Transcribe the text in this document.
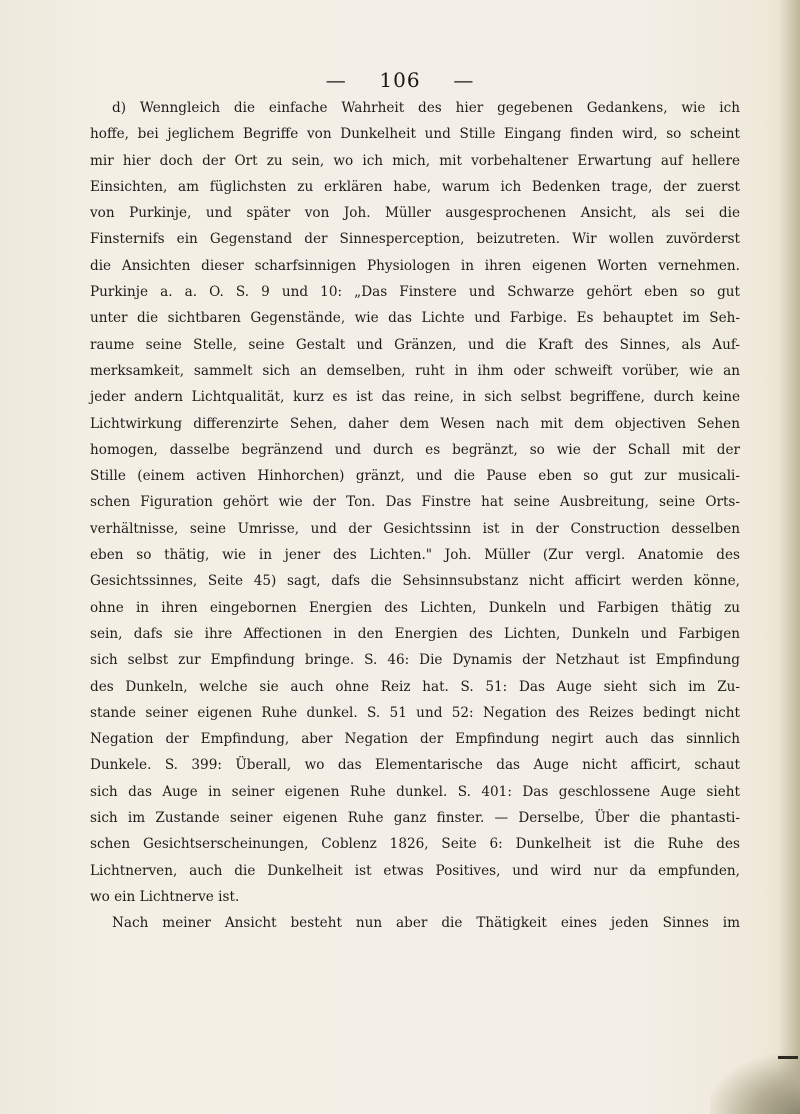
— 106 —
d) Wenngleich die einfache Wahrheit des hier gegebenen Gedankens, wie ich
hoffe, bei jeglichem Begriffe von Dunkelheit und Stille Eingang finden wird, so scheint
mir hier doch der Ort zu sein, wo ich mich, mit vorbehaltener Erwartung auf hellere
Einsichten, am füglichsten zu erklären habe, warum ich Bedenken trage, der zuerst
von Purkinje, und später von Joh. Müller ausgesprochenen Ansicht, als sei die
Finsternifs ein Gegenstand der Sinnesperception, beizutreten. Wir wollen zuvörderst
die Ansichten dieser scharfsinnigen Physiologen in ihren eigenen Worten vernehmen.
Purkinje a. a. O. S. 9 und 10: „Das Finstere und Schwarze gehört eben so gut
unter die sichtbaren Gegenstände, wie das Lichte und Farbige. Es behauptet im Seh-
raume seine Stelle, seine Gestalt und Gränzen, und die Kraft des Sinnes, als Auf-
merksamkeit, sammelt sich an demselben, ruht in ihm oder schweift vorüber, wie an
jeder andern Lichtqualität, kurz es ist das reine, in sich selbst begriffene, durch keine
Lichtwirkung differenzirte Sehen, daher dem Wesen nach mit dem objectiven Sehen
homogen, dasselbe begränzend und durch es begränzt, so wie der Schall mit der
Stille (einem activen Hinhorchen) gränzt, und die Pause eben so gut zur musicali-
schen Figuration gehört wie der Ton. Das Finstre hat seine Ausbreitung, seine Orts-
verhältnisse, seine Umrisse, und der Gesichtssinn ist in der Construction desselben
eben so thätig, wie in jener des Lichten." Joh. Müller (Zur vergl. Anatomie des
Gesichtssinnes, Seite 45) sagt, dafs die Sehsinnsubstanz nicht afficirt werden könne,
ohne in ihren eingebornen Energien des Lichten, Dunkeln und Farbigen thätig zu
sein, dafs sie ihre Affectionen in den Energien des Lichten, Dunkeln und Farbigen
sich selbst zur Empfindung bringe. S. 46: Die Dynamis der Netzhaut ist Empfindung
des Dunkeln, welche sie auch ohne Reiz hat. S. 51: Das Auge sieht sich im Zu-
stande seiner eigenen Ruhe dunkel. S. 51 und 52: Negation des Reizes bedingt nicht
Negation der Empfindung, aber Negation der Empfindung negirt auch das sinnlich
Dunkele. S. 399: Überall, wo das Elementarische das Auge nicht afficirt, schaut
sich das Auge in seiner eigenen Ruhe dunkel. S. 401: Das geschlossene Auge sieht
sich im Zustande seiner eigenen Ruhe ganz finster. — Derselbe, Über die phantasti-
schen Gesichtserscheinungen, Coblenz 1826, Seite 6: Dunkelheit ist die Ruhe des
Lichtnerven, auch die Dunkelheit ist etwas Positives, und wird nur da empfunden,
wo ein Lichtnerve ist.
Nach meiner Ansicht besteht nun aber die Thätigkeit eines jeden Sinnes im
